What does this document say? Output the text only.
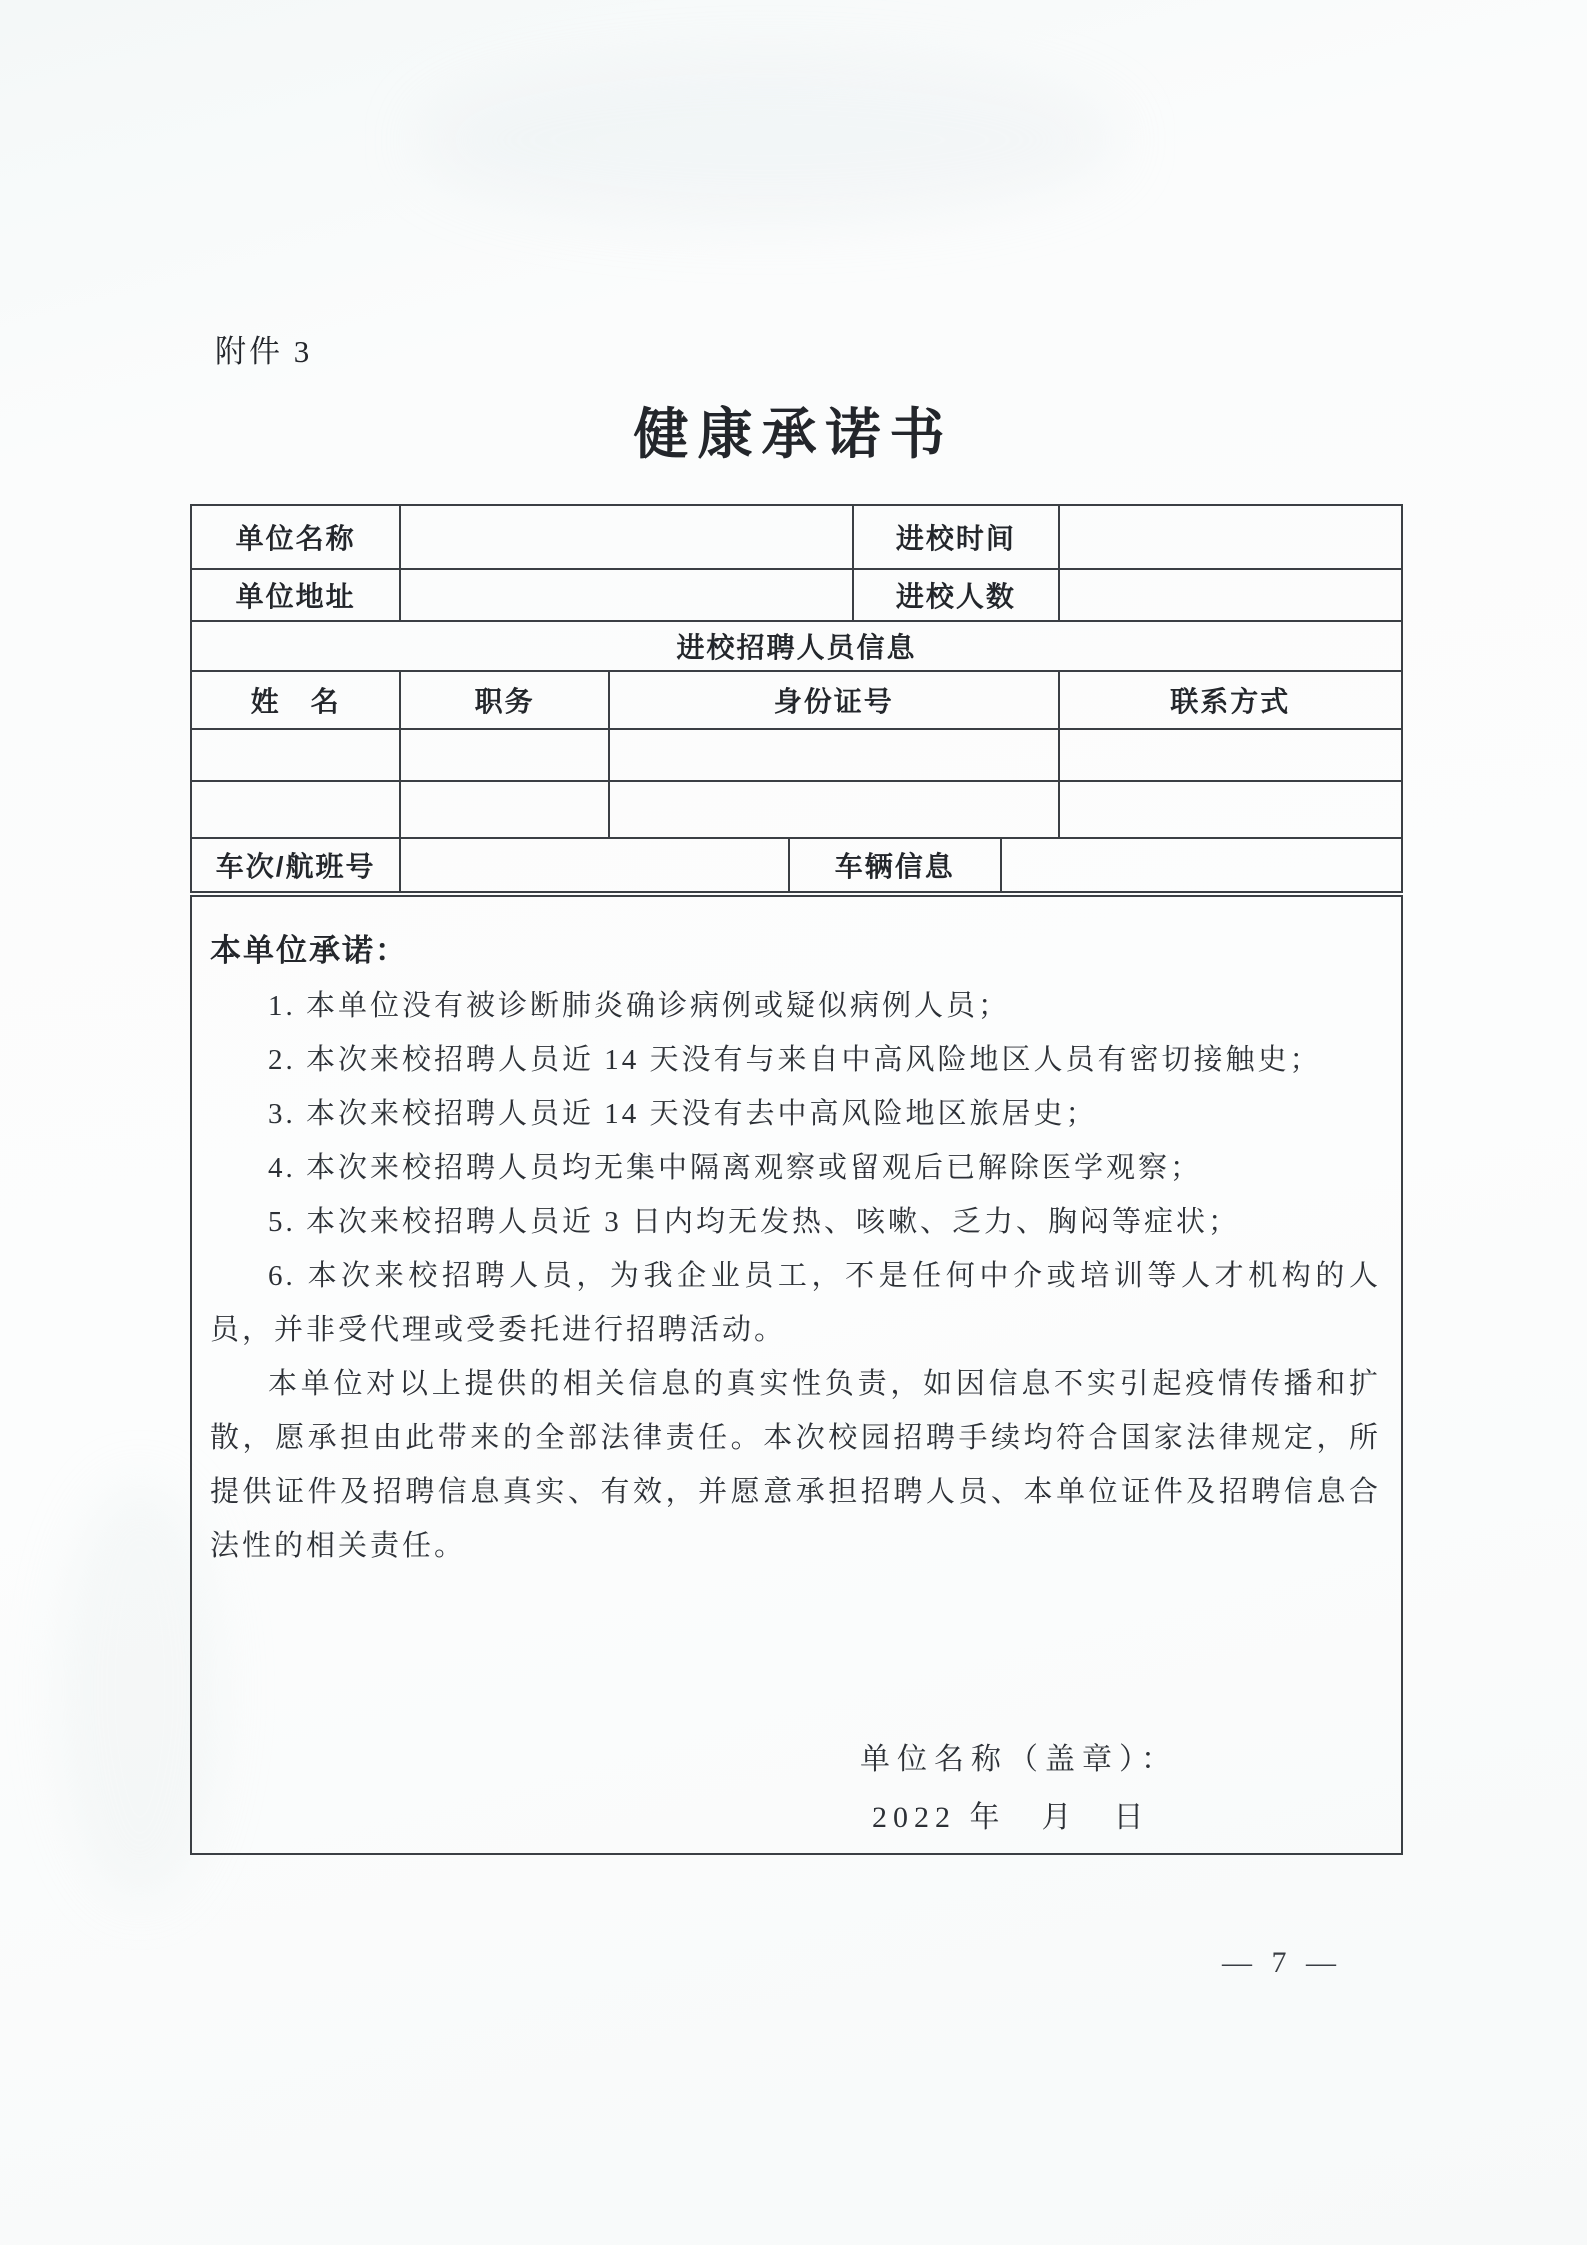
附件 3
健康承诺书
单位名称	进校时间
单位地址	进校人数
进校招聘人员信息
姓　名	职务	身份证号	联系方式
车次/航班号	车辆信息
本单位承诺：

1. 本单位没有被诊断肺炎确诊病例或疑似病例人员；

2. 本次来校招聘人员近 14 天没有与来自中高风险地区人员有密切接触史；

3. 本次来校招聘人员近 14 天没有去中高风险地区旅居史；

4. 本次来校招聘人员均无集中隔离观察或留观后已解除医学观察；

5. 本次来校招聘人员近 3 日内均无发热、咳嗽、乏力、胸闷等症状；

6. 本次来校招聘人员，为我企业员工，不是任何中介或培训等人才机构的人员，并非受代理或受委托进行招聘活动。

本单位对以上提供的相关信息的真实性负责，如因信息不实引起疫情传播和扩散，愿承担由此带来的全部法律责任。本次校园招聘手续均符合国家法律规定，所提供证件及招聘信息真实、有效，并愿意承担招聘人员、本单位证件及招聘信息合法性的相关责任。

单位名称（盖章）：
2022 年　月　日
— 7 —
